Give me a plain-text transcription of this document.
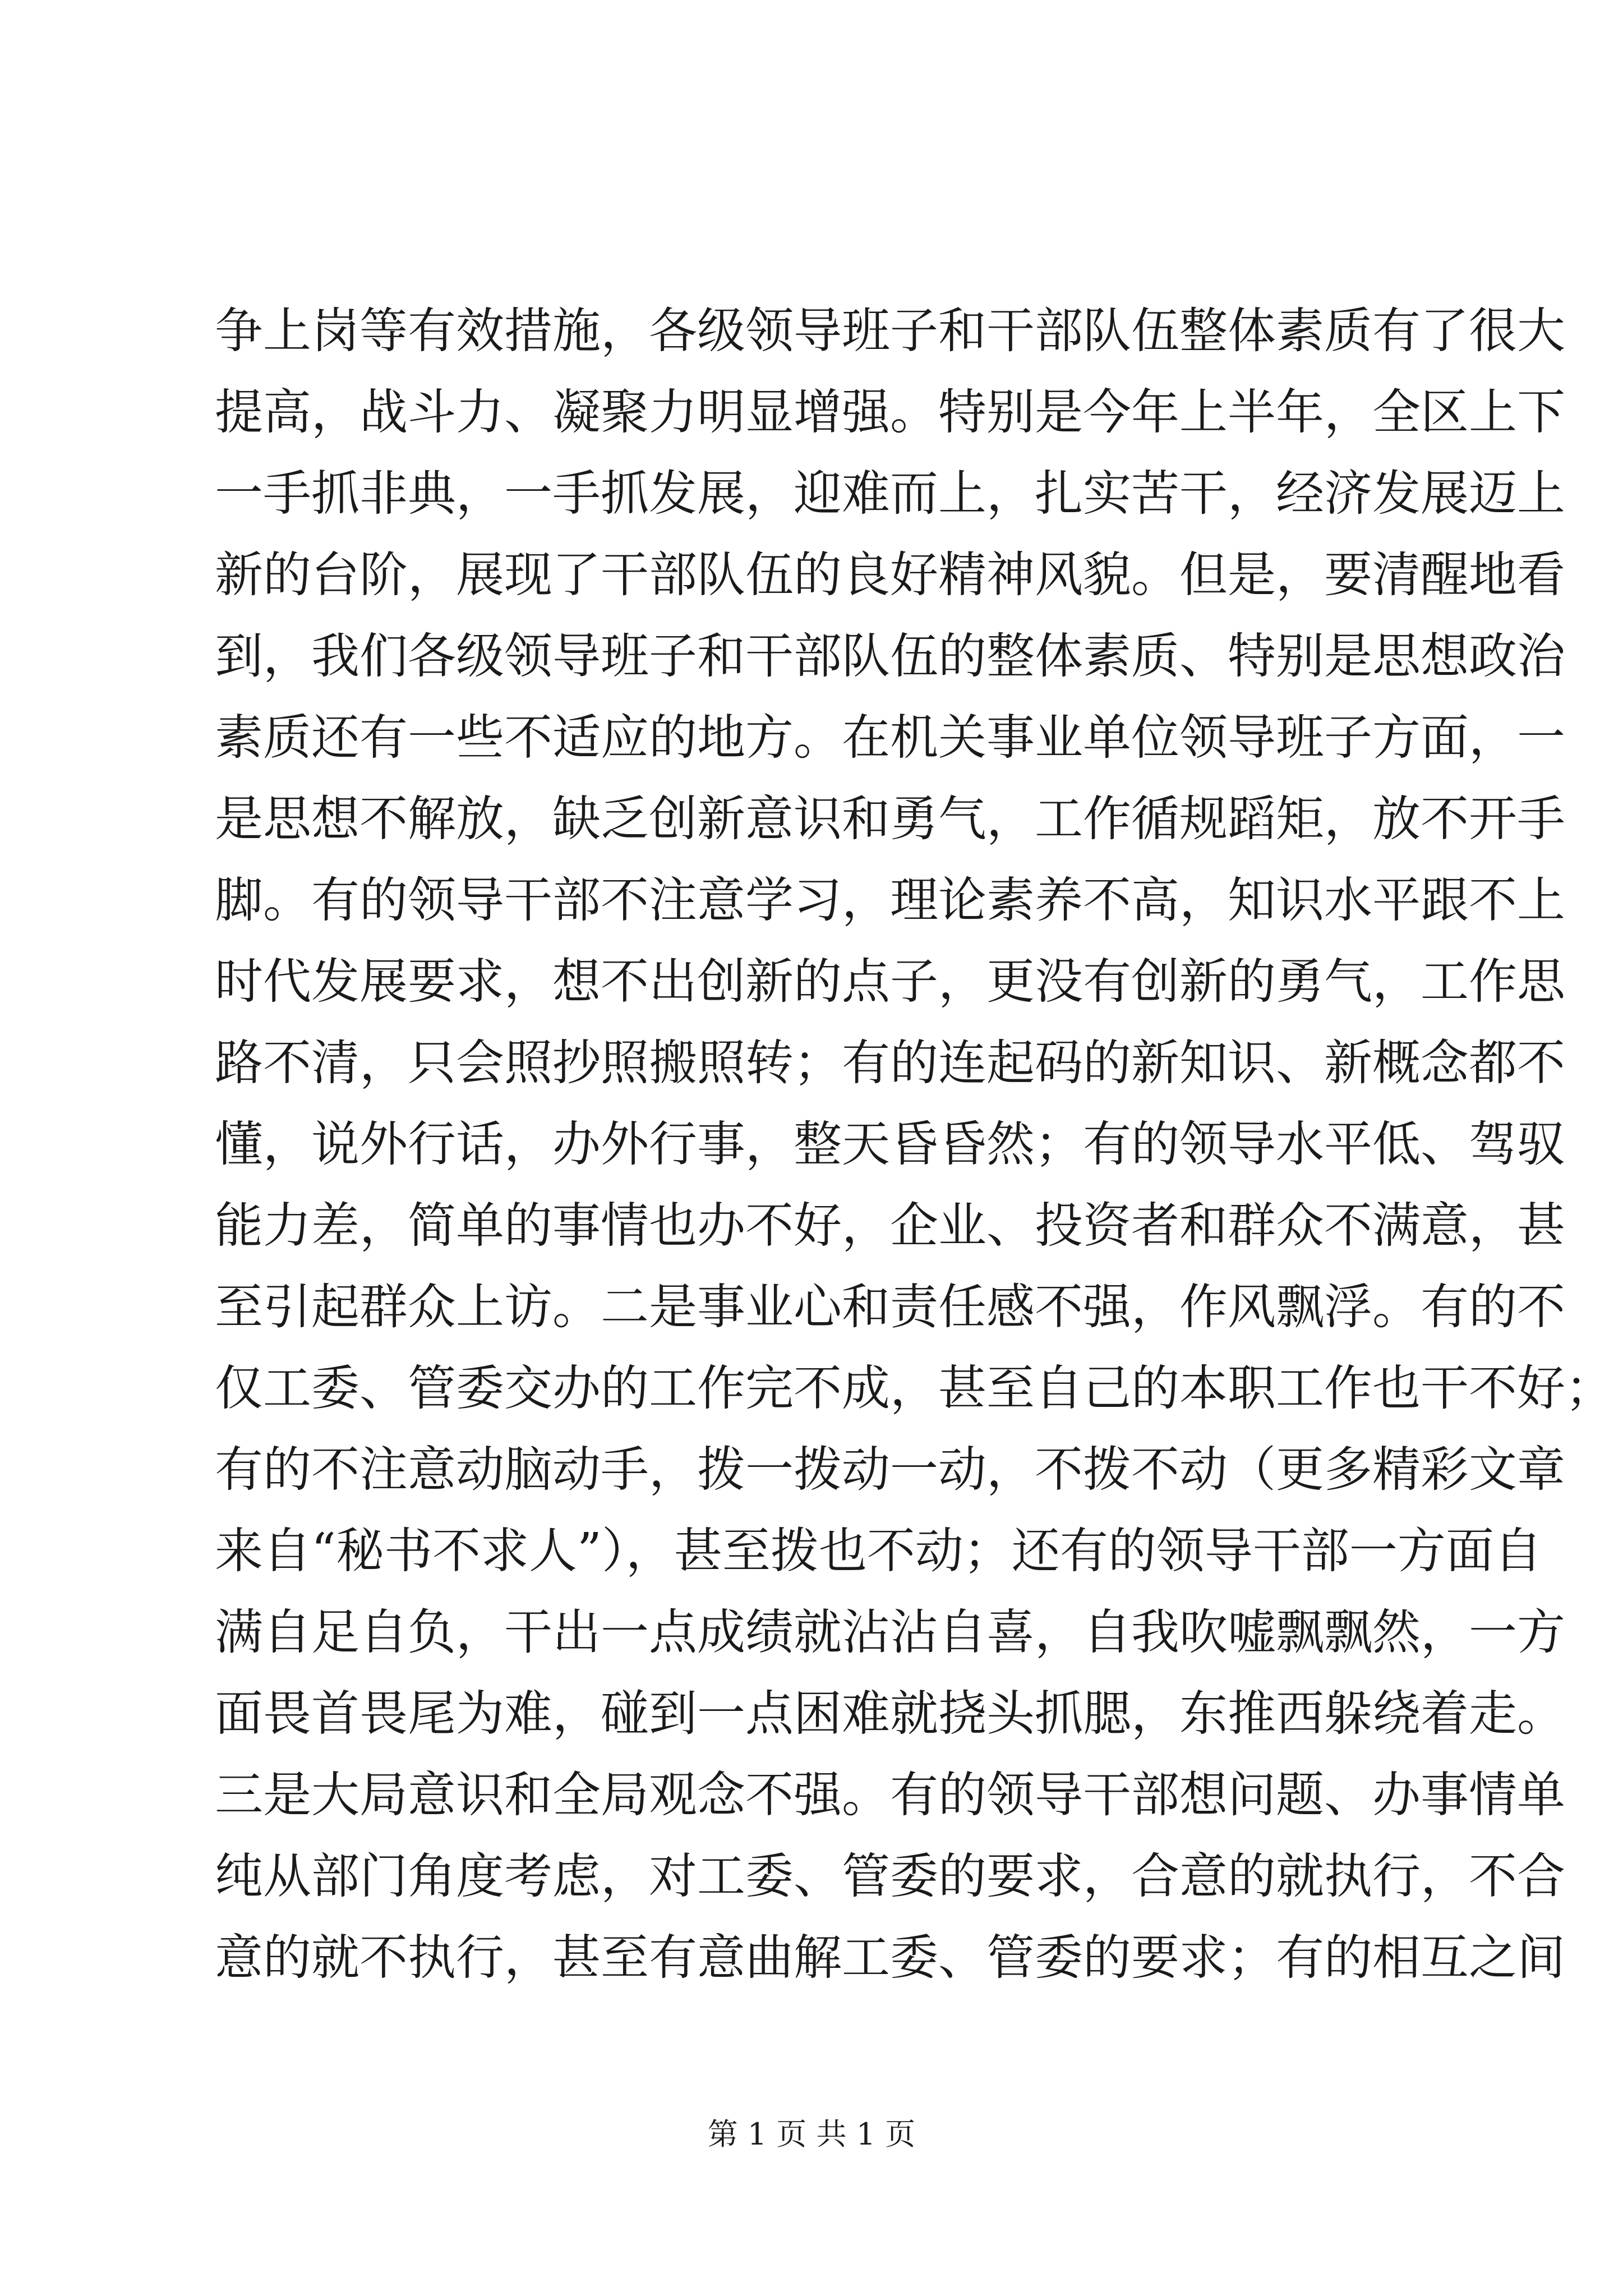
争上岗等有效措施，各级领导班子和干部队伍整体素质有了很大
提高，战斗力、凝聚力明显增强。特别是今年上半年，全区上下
一手抓非典，一手抓发展，迎难而上，扎实苦干，经济发展迈上
新的台阶，展现了干部队伍的良好精神风貌。但是，要清醒地看
到，我们各级领导班子和干部队伍的整体素质、特别是思想政治
素质还有一些不适应的地方。在机关事业单位领导班子方面，一
是思想不解放，缺乏创新意识和勇气，工作循规蹈矩，放不开手
脚。有的领导干部不注意学习，理论素养不高，知识水平跟不上
时代发展要求，想不出创新的点子，更没有创新的勇气，工作思
路不清，只会照抄照搬照转；有的连起码的新知识、新概念都不
懂，说外行话，办外行事，整天昏昏然；有的领导水平低、驾驭
能力差，简单的事情也办不好，企业、投资者和群众不满意，甚
至引起群众上访。二是事业心和责任感不强，作风飘浮。有的不
仅工委、管委交办的工作完不成，甚至自己的本职工作也干不好；
有的不注意动脑动手，拨一拨动一动，不拨不动（更多精彩文章
来自“秘书不求人”），甚至拨也不动；还有的领导干部一方面自
满自足自负，干出一点成绩就沾沾自喜，自我吹嘘飘飘然，一方
面畏首畏尾为难，碰到一点困难就挠头抓腮，东推西躲绕着走。
三是大局意识和全局观念不强。有的领导干部想问题、办事情单
纯从部门角度考虑，对工委、管委的要求，合意的就执行，不合
意的就不执行，甚至有意曲解工委、管委的要求；有的相互之间
第 1 页 共 1 页
